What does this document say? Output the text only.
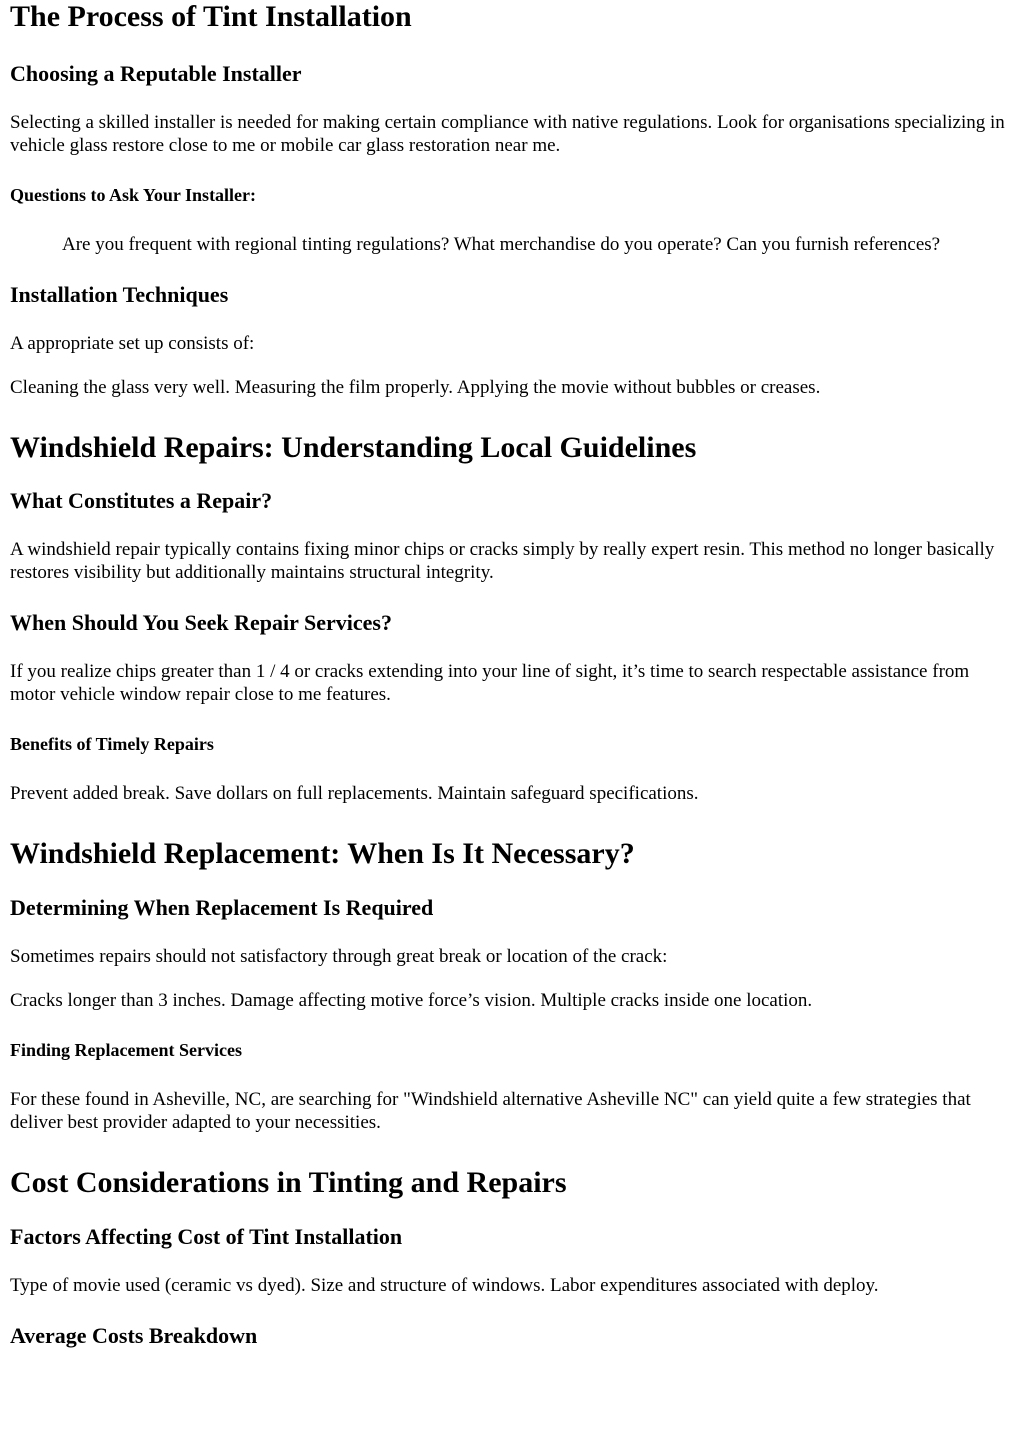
The Process of Tint Installation
Choosing a Reputable Installer

Selecting a skilled installer is needed for making certain compliance with native regulations. Look for organisations specializing in vehicle glass restore close to me or mobile car glass restoration near me.

Questions to Ask Your Installer:
Are you frequent with regional tinting regulations? What merchandise do you operate? Can you furnish references?
Installation Techniques

A appropriate set up consists of:

Cleaning the glass very well. Measuring the film properly. Applying the movie without bubbles or creases.

Windshield Repairs: Understanding Local Guidelines
What Constitutes a Repair?

A windshield repair typically contains fixing minor chips or cracks simply by really expert resin. This method no longer basically restores visibility but additionally maintains structural integrity.

When Should You Seek Repair Services?

If you realize chips greater than 1 / 4 or cracks extending into your line of sight, it’s time to search respectable assistance from motor vehicle window repair close to me features.

Benefits of Timely Repairs

Prevent added break. Save dollars on full replacements. Maintain safeguard specifications.

Windshield Replacement: When Is It Necessary?
Determining When Replacement Is Required

Sometimes repairs should not satisfactory through great break or location of the crack:

Cracks longer than 3 inches. Damage affecting motive force’s vision. Multiple cracks inside one location.

Finding Replacement Services

For these found in Asheville, NC, are searching for "Windshield alternative Asheville NC" can yield quite a few strategies that deliver best provider adapted to your necessities.

Cost Considerations in Tinting and Repairs
Factors Affecting Cost of Tint Installation

Type of movie used (ceramic vs dyed). Size and structure of windows. Labor expenditures associated with deploy.

Average Costs Breakdown
